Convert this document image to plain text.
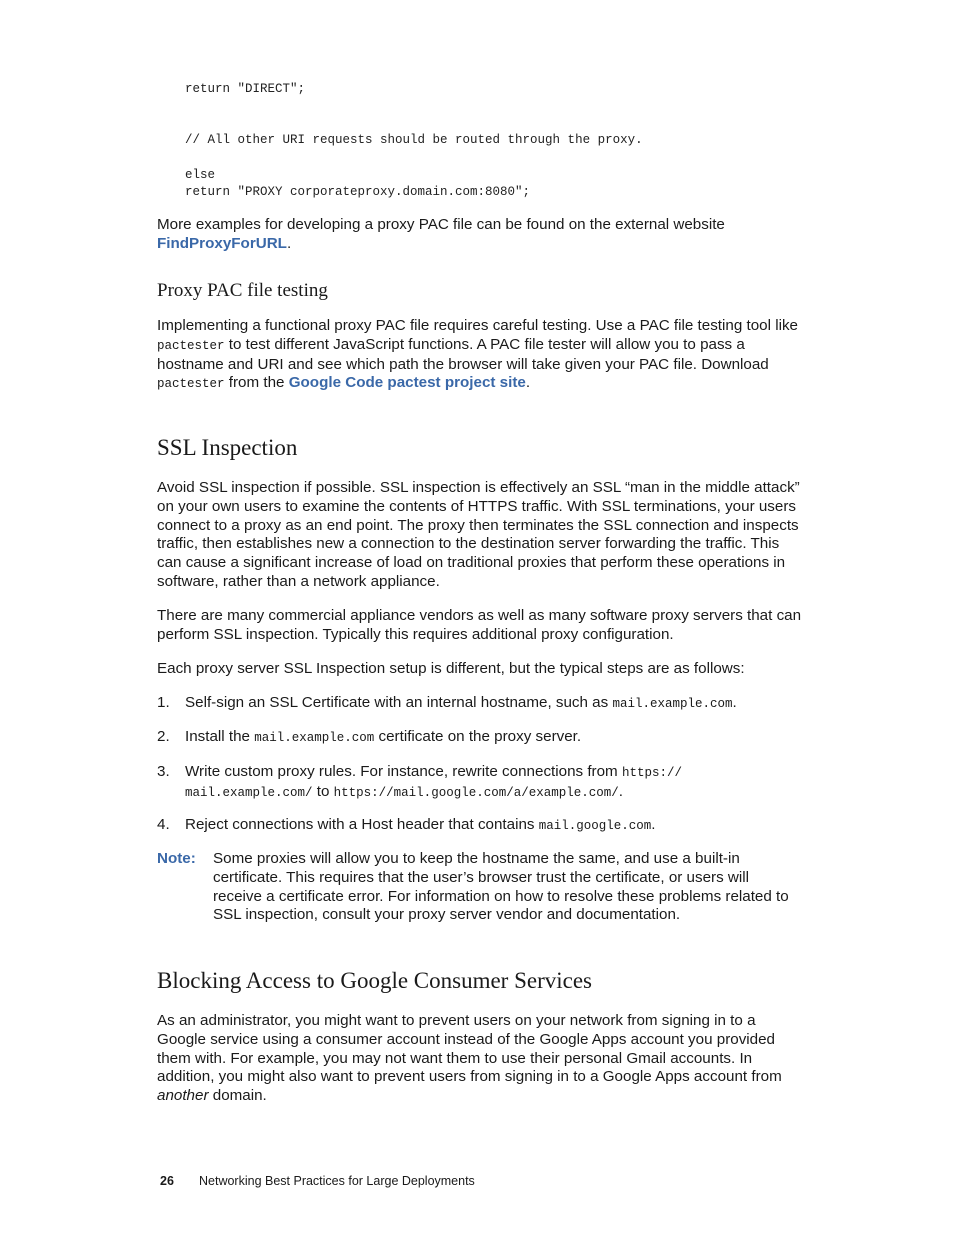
return "DIRECT";
// All other URI requests should be routed through the proxy.
else
return "PROXY corporateproxy.domain.com:8080";

More examples for developing a proxy PAC file can be found on the external website
FindProxyForURL.

Proxy PAC file testing

Implementing a functional proxy PAC file requires careful testing. Use a PAC file testing tool like pactester to test different JavaScript functions. A PAC file tester will allow you to pass a hostname and URI and see which path the browser will take given your PAC file. Download pactester from the Google Code pactest project site.

SSL Inspection

Avoid SSL inspection if possible. SSL inspection is effectively an SSL “man in the middle attack” on your own users to examine the contents of HTTPS traffic. With SSL terminations, your users connect to a proxy as an end point. The proxy then terminates the SSL connection and inspects traffic, then establishes new a connection to the destination server forwarding the traffic. This can cause a significant increase of load on traditional proxies that perform these operations in software, rather than a network appliance.

There are many commercial appliance vendors as well as many software proxy servers that can perform SSL inspection. Typically this requires additional proxy configuration.

Each proxy server SSL Inspection setup is different, but the typical steps are as follows:

1. Self-sign an SSL Certificate with an internal hostname, such as mail.example.com.
2. Install the mail.example.com certificate on the proxy server.
3. Write custom proxy rules. For instance, rewrite connections from https://
mail.example.com/ to https://mail.google.com/a/example.com/.
4. Reject connections with a Host header that contains mail.google.com.
Note: Some proxies will allow you to keep the hostname the same, and use a built-in certificate. This requires that the user’s browser trust the certificate, or users will receive a certificate error. For information on how to resolve these problems related to SSL inspection, consult your proxy server vendor and documentation.
Blocking Access to Google Consumer Services

As an administrator, you might want to prevent users on your network from signing in to a Google service using a consumer account instead of the Google Apps account you provided them with. For example, you may not want them to use their personal Gmail accounts. In addition, you might also want to prevent users from signing in to a Google Apps account from another domain.

26 Networking Best Practices for Large Deployments
